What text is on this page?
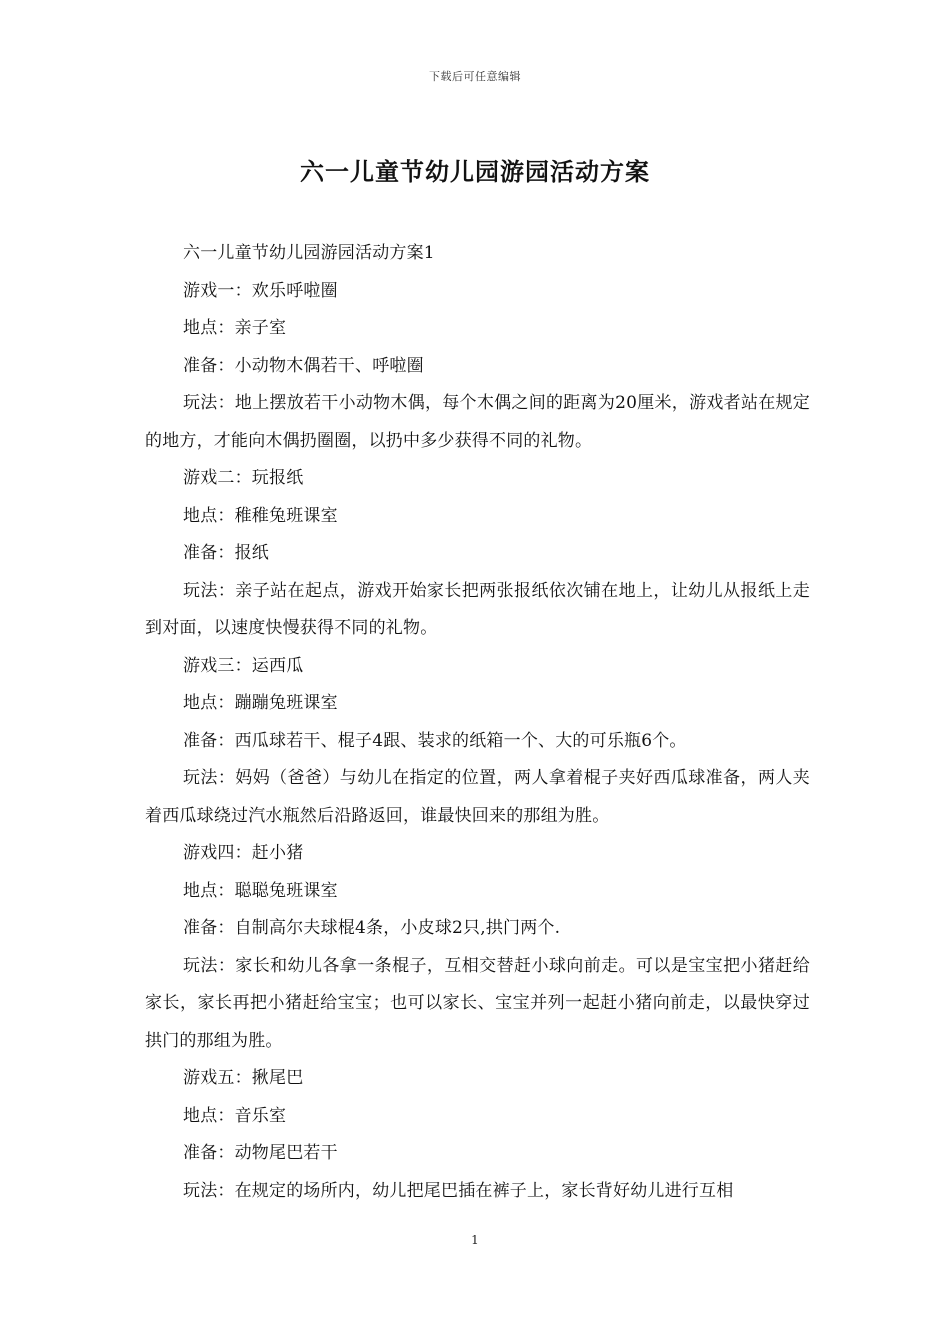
下载后可任意编辑
六一儿童节幼儿园游园活动方案

六一儿童节幼儿园游园活动方案1

游戏一：欢乐呼啦圈

地点：亲子室

准备：小动物木偶若干、呼啦圈

玩法：地上摆放若干小动物木偶，每个木偶之间的距离为20厘米，游戏者站在规定的地方，才能向木偶扔圈圈，以扔中多少获得不同的礼物。

游戏二：玩报纸

地点：稚稚兔班课室

准备：报纸

玩法：亲子站在起点，游戏开始家长把两张报纸依次铺在地上，让幼儿从报纸上走到对面，以速度快慢获得不同的礼物。

游戏三：运西瓜

地点：蹦蹦兔班课室

准备：西瓜球若干、棍子4跟、装求的纸箱一个、大的可乐瓶6个。

玩法：妈妈（爸爸）与幼儿在指定的位置，两人拿着棍子夹好西瓜球准备，两人夹着西瓜球绕过汽水瓶然后沿路返回，谁最快回来的那组为胜。

游戏四：赶小猪

地点：聪聪兔班课室

准备：自制高尔夫球棍4条，小皮球2只,拱门两个.

玩法：家长和幼儿各拿一条棍子，互相交替赶小球向前走。可以是宝宝把小猪赶给家长，家长再把小猪赶给宝宝；也可以家长、宝宝并列一起赶小猪向前走，以最快穿过拱门的那组为胜。

游戏五：揪尾巴

地点：音乐室

准备：动物尾巴若干

玩法：在规定的场所内，幼儿把尾巴插在裤子上，家长背好幼儿进行互相

1
